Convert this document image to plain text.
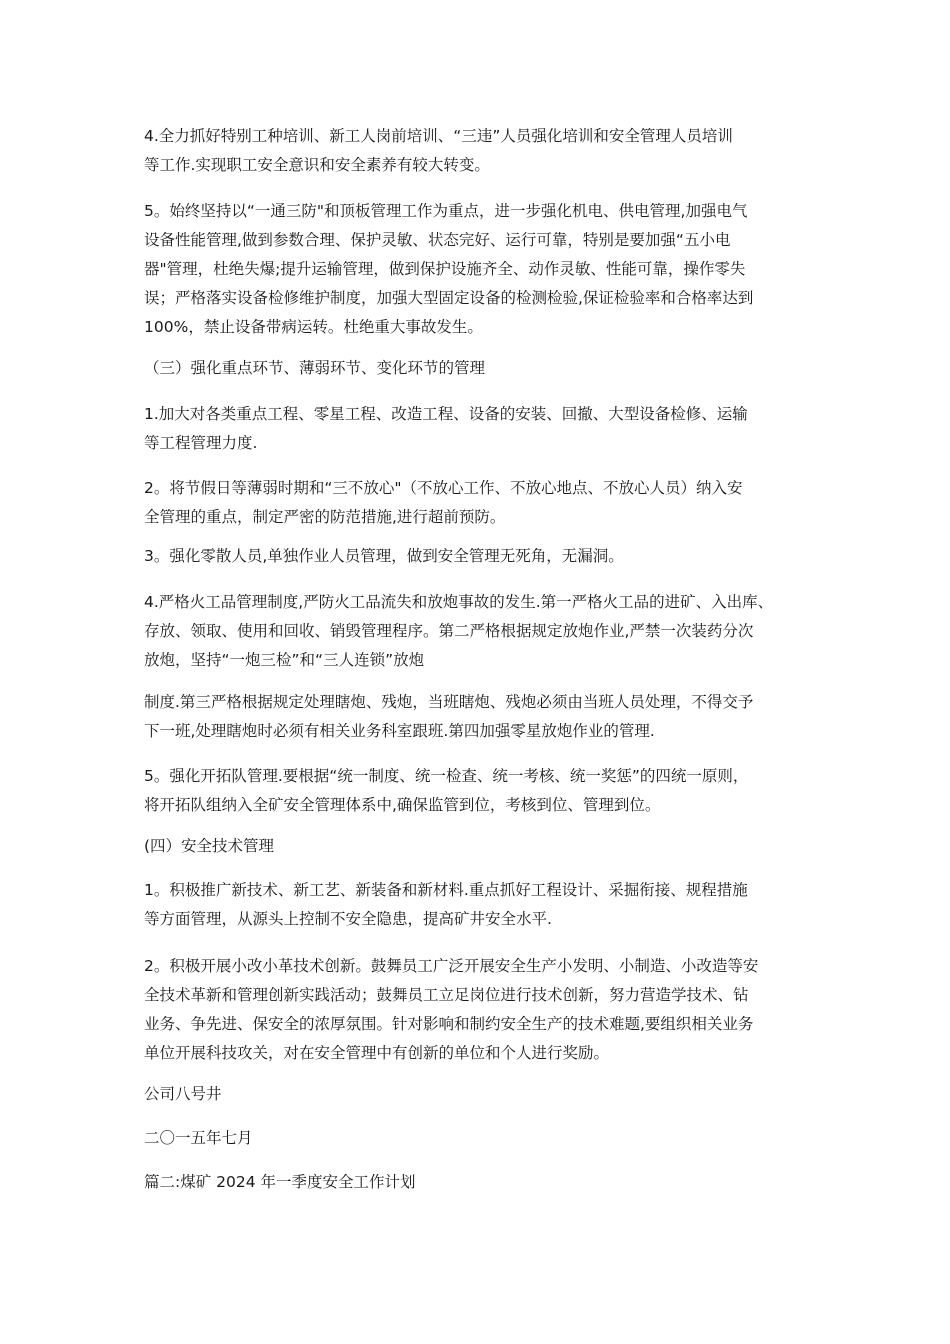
4.全力抓好特别工种培训、新工人岗前培训、“三违”人员强化培训和安全管理人员培训
等工作.实现职工安全意识和安全素养有较大转变。
5。始终坚持以“一通三防"和顶板管理工作为重点，进一步强化机电、供电管理,加强电气
设备性能管理,做到参数合理、保护灵敏、状态完好、运行可靠，特别是要加强“五小电
器"管理，杜绝失爆;提升运输管理，做到保护设施齐全、动作灵敏、性能可靠，操作零失
误；严格落实设备检修维护制度，加强大型固定设备的检测检验,保证检验率和合格率达到
100%，禁止设备带病运转。杜绝重大事故发生。
（三）强化重点环节、薄弱环节、变化环节的管理
1.加大对各类重点工程、零星工程、改造工程、设备的安装、回撤、大型设备检修、运输
等工程管理力度.
2。将节假日等薄弱时期和“三不放心"（不放心工作、不放心地点、不放心人员）纳入安
全管理的重点，制定严密的防范措施,进行超前预防。
3。强化零散人员,单独作业人员管理，做到安全管理无死角，无漏洞。
4.严格火工品管理制度,严防火工品流失和放炮事故的发生.第一严格火工品的进矿、入出库、
存放、领取、使用和回收、销毁管理程序。第二严格根据规定放炮作业,严禁一次装药分次
放炮，坚持“一炮三检”和“三人连锁”放炮
制度.第三严格根据规定处理瞎炮、残炮，当班瞎炮、残炮必须由当班人员处理，不得交予
下一班,处理瞎炮时必须有相关业务科室跟班.第四加强零星放炮作业的管理.
5。强化开拓队管理.要根据“统一制度、统一检查、统一考核、统一奖惩”的四统一原则，
将开拓队组纳入全矿安全管理体系中,确保监管到位，考核到位、管理到位。
(四）安全技术管理
1。积极推广新技术、新工艺、新装备和新材料.重点抓好工程设计、采掘衔接、规程措施
等方面管理，从源头上控制不安全隐患，提高矿井安全水平.
2。积极开展小改小革技术创新。鼓舞员工广泛开展安全生产小发明、小制造、小改造等安
全技术革新和管理创新实践活动；鼓舞员工立足岗位进行技术创新，努力营造学技术、钻
业务、争先进、保安全的浓厚氛围。针对影响和制约安全生产的技术难题,要组织相关业务
单位开展科技攻关，对在安全管理中有创新的单位和个人进行奖励。
公司八号井
二〇一五年七月
篇二:煤矿 2024 年一季度安全工作计划
